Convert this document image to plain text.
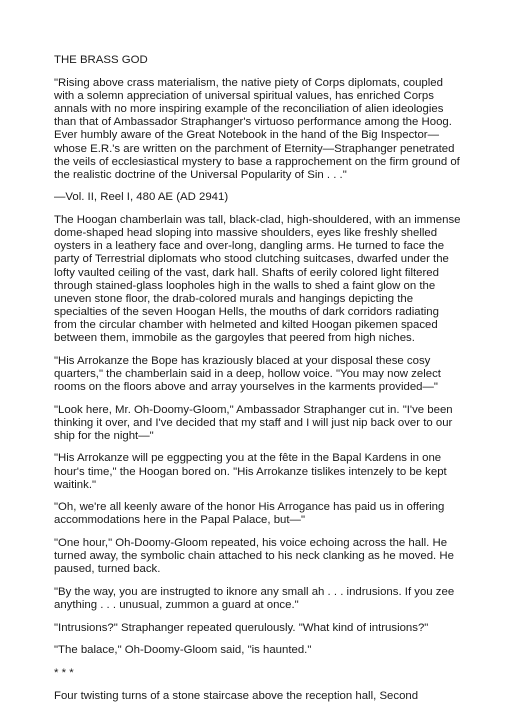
THE BRASS GOD

"Rising above crass materialism, the native piety of Corps diplomats, coupled with a solemn appreciation of universal spiritual values, has enriched Corps annals with no more inspiring example of the reconciliation of alien ideologies than that of Ambassador Straphanger's virtuoso performance among the Hoog. Ever humbly aware of the Great Notebook in the hand of the Big Inspector—whose E.R.'s are written on the parchment of Eternity—Straphanger penetrated the veils of ecclesiastical mystery to base a rapprochement on the firm ground of the realistic doctrine of the Universal Popularity of Sin . . ."

—Vol. II, Reel I, 480 AE (AD 2941)

The Hoogan chamberlain was tall, black-clad, high-shouldered, with an immense dome-shaped head sloping into massive shoulders, eyes like freshly shelled oysters in a leathery face and over-long, dangling arms. He turned to face the party of Terrestrial diplomats who stood clutching suitcases, dwarfed under the lofty vaulted ceiling of the vast, dark hall. Shafts of eerily colored light filtered through stained-glass loopholes high in the walls to shed a faint glow on the uneven stone floor, the drab-colored murals and hangings depicting the specialties of the seven Hoogan Hells, the mouths of dark corridors radiating from the circular chamber with helmeted and kilted Hoogan pikemen spaced between them, immobile as the gargoyles that peered from high niches.

"His Arrokanze the Bope has kraziously blaced at your disposal these cosy quarters," the chamberlain said in a deep, hollow voice. "You may now zelect rooms on the floors above and array yourselves in the karments provided—"

"Look here, Mr. Oh-Doomy-Gloom," Ambassador Straphanger cut in. "I've been thinking it over, and I've decided that my staff and I will just nip back over to our ship for the night—"

"His Arrokanze will pe eggpecting you at the fête in the Bapal Kardens in one hour's time," the Hoogan bored on. "His Arrokanze tislikes intenzely to be kept waitink."

"Oh, we're all keenly aware of the honor His Arrogance has paid us in offering accommodations here in the Papal Palace, but—"

"One hour," Oh-Doomy-Gloom repeated, his voice echoing across the hall. He turned away, the symbolic chain attached to his neck clanking as he moved. He paused, turned back.

"By the way, you are instrugted to iknore any small ah . . . indrusions. If you zee anything . . . unusual, zummon a guard at once."

"Intrusions?" Straphanger repeated querulously. "What kind of intrusions?"

"The balace," Oh-Doomy-Gloom said, "is haunted."

* * *

Four twisting turns of a stone staircase above the reception hall, Second
